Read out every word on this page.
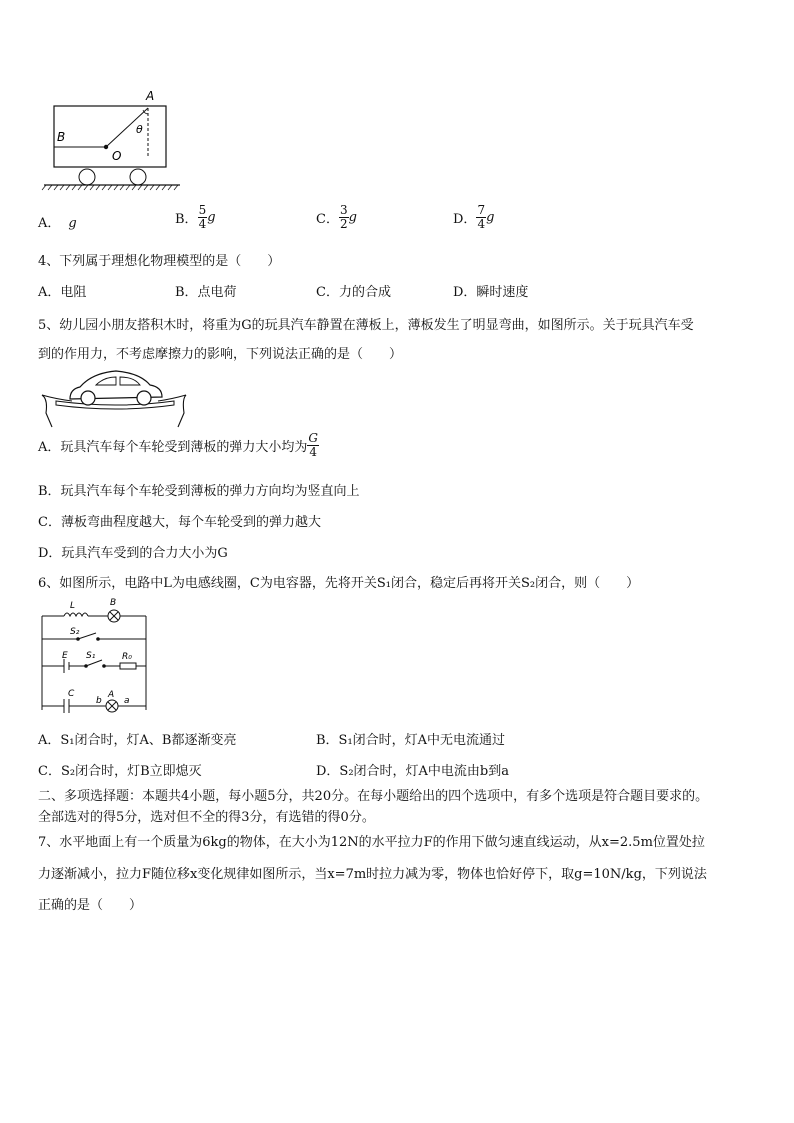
A
B
O
θ
A． g	B． $\frac{5}{4}$ g	C． $\frac{3}{2}$ g	D． $\frac{7}{4}$ g
4、下列属于理想化物理模型的是（　　）
A．电阻	B．点电荷	C．力的合成	D．瞬时速度
5、幼儿园小朋友搭积木时，将重为G的玩具汽车静置在薄板上，薄板发生了明显弯曲，如图所示。关于玩具汽车受
到的作用力，不考虑摩擦力的影响，下列说法正确的是（　　）
A．玩具汽车每个车轮受到薄板的弹力大小均为 $\frac{G}{4}$
B．玩具汽车每个车轮受到薄板的弹力方向均为竖直向上
C．薄板弯曲程度越大，每个车轮受到的弹力越大
D．玩具汽车受到的合力大小为G
6、如图所示，电路中L为电感线圈，C为电容器，先将开关S₁闭合，稳定后再将开关S₂闭合，则（　　）
L	B
S₂
E S₁	R₀
C
b
A
a
A．S₁闭合时，灯A、B都逐渐变亮	B．S₁闭合时，灯A中无电流通过
C．S₂闭合时，灯B立即熄灭	D．S₂闭合时，灯A中电流由b到a
二、多项选择题：本题共4小题，每小题5分，共20分。在每小题给出的四个选项中，有多个选项是符合题目要求的。
全部选对的得5分，选对但不全的得3分，有选错的得0分。
7、水平地面上有一个质量为6kg的物体，在大小为12N的水平拉力F的作用下做匀速直线运动，从x=2.5m位置处拉
力逐渐减小，拉力F随位移x变化规律如图所示，当x=7m时拉力减为零，物体也恰好停下，取g=10N/kg，下列说法
正确的是（　　）
